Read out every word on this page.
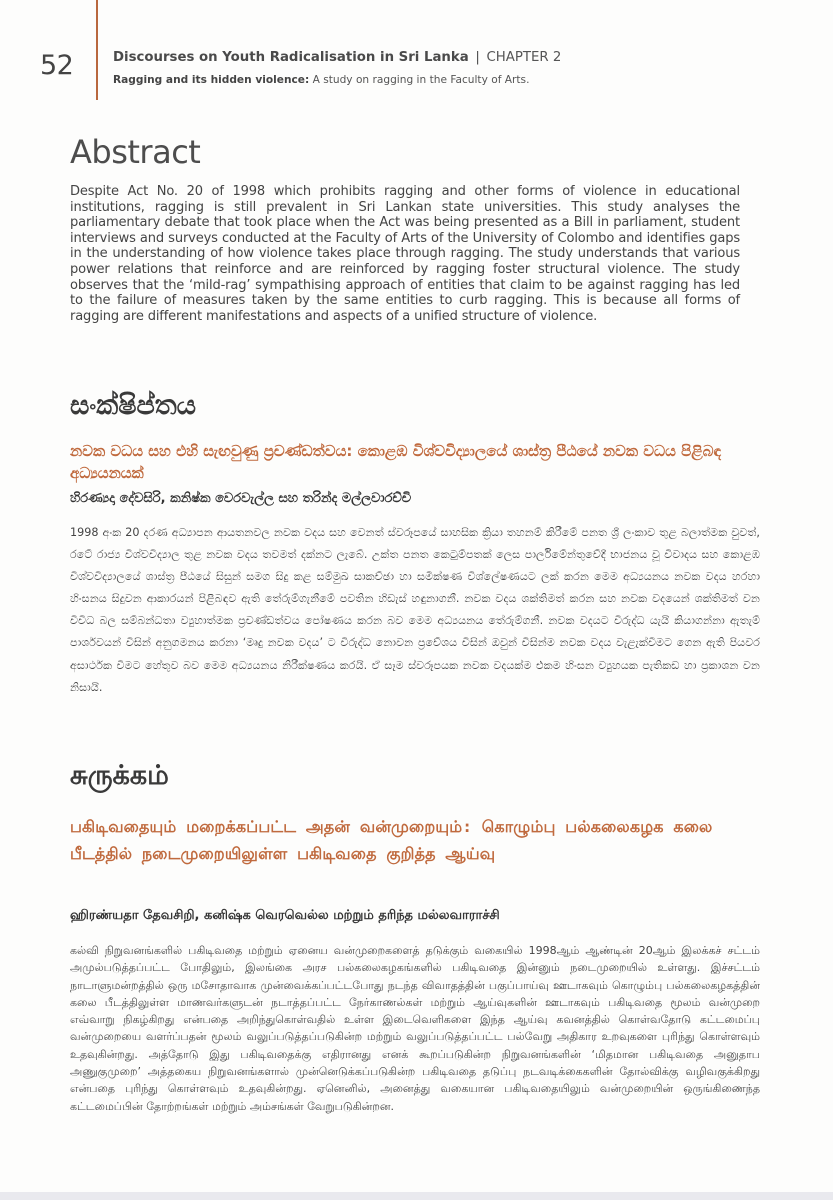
52	Discourses on Youth Radicalisation in Sri Lanka | CHAPTER 2
Ragging and its hidden violence: A study on ragging in the Faculty of Arts.
Abstract
Despite Act No. 20 of 1998 which prohibits ragging and other forms of violence in educational institutions, ragging is still prevalent in Sri Lankan state universities. This study analyses the parliamentary debate that took place when the Act was being presented as a Bill in parliament, student interviews and surveys conducted at the Faculty of Arts of the University of Colombo and identifies gaps in the understanding of how violence takes place through ragging. The study understands that various power relations that reinforce and are reinforced by ragging foster structural violence. The study observes that the ‘mild-rag’ sympathising approach of entities that claim to be against ragging has led to the failure of measures taken by the same entities to curb ragging. This is because all forms of ragging are different manifestations and aspects of a unified structure of violence.
සංක්ෂිප්තය
නවක වධය සහ එහි සැඟවුණු ප්‍රචණ්ඩත්වය: කොළඹ විශ්වවිද්‍යාලයේ ශාස්ත්‍ර පීඨයේ නවක වධය පිළිබඳ අධ්‍යයනයක්
හිරණ්‍යදා දේවසිරි, කනිෂ්ක වෙරවැල්ල සහ තරින්ද මල්ලවාරච්චි
1998 අංක 20 දරණ අධ්‍යාපන ආයතනවල නවක වදය සහ වෙනත් ස්වරූපයේ සාහසික ක්‍රියා තහනම් කිරීමේ පනත ශ්‍රී ලංකාව තුළ බලාත්මක වුවත්, රටේ රාජ්‍ය විශ්වවිද්‍යාල තුළ නවක වදය තවමත් දක්නට ලැබේ. උක්ත පනත කෙටුම්පතක් ලෙස පාර්ලිමේන්තුවේදී භාජනය වූ විවාදය සහ කොළඹ විශ්වවිද්‍යාලයේ ශාස්ත්‍ර පීඨයේ සිසුන් සමග සිදු කළ සම්මුඛ සාකච්ඡා හා සමීක්ෂණ විශ්ලේෂණයට ලක් කරන මෙම අධ්‍යයනය නවක වදය හරහා හිංසනය සිදුවන ආකාරයන් පිළිබඳව ඇති තේරුම්ගැනීමේ පවතින හිඩැස් හඳුනාගනී. නවක වදය ශක්තිමත් කරන සහ නවක වදයෙන් ශක්තිමත් වන විවිධ බල සම්බන්ධතා ව්‍යුහාත්මක ප්‍රචණ්ඩත්වය පෝෂණය කරන බව මෙම අධ්‍යයනය තේරුම්ගනී. නවක වදයට විරුද්ධ යැයි කියාගන්නා ඇතැම් පාර්ශවයන් විසින් අනුගමනය කරනා ‘මෘදු නවක වදය’ ට විරුද්ධ නොවන ප්‍රවේශය විසින් ඔවුන් විසින්ම නවක වදය වැළැක්වීමට ගෙන ඇති පියවර අසාර්ථක වීමට හේතුව බව මෙම අධ්‍යයනය නිරීක්ෂණය කරයි. ඒ සෑම ස්වරූපයක නවක වදයක්ම එකම හිංසන ව්‍යුහයක පැතිකඩ හා ප්‍රකාශන වන නිසායි.
சுருக்கம்
பகிடிவதையும் மறைக்கப்பட்ட அதன் வன்முறையும்: கொழும்பு பல்கலைகழக கலை பீடத்தில் நடைமுறையிலுள்ள பகிடிவதை குறித்த ஆய்வு
ஹிரண்யதா தேவசிறி, கனிஷ்க வெரவெல்ல மற்றும் தரிந்த மல்லவாராச்சி
கல்வி நிறுவனங்களில் பகிடிவதை மற்றும் ஏனைய வன்முறைகளைத் தடுக்கும் வகையில் 1998ஆம் ஆண்டின் 20ஆம் இலக்கச் சட்டம் அமுல்படுத்தப்பட்ட போதிலும், இலங்கை அரச பல்கலைகழகங்களில் பகிடிவதை இன்னும் நடைமுறையில் உள்ளது. இச்சட்டம் நாடாளுமன்றத்தில் ஒரு மசோதாவாக முன்வைக்கப்பட்டபோது நடந்த விவாதத்தின் பகுப்பாய்வு ஊடாகவும் கொழும்பு பல்கலைகழகத்தின் கலை பீடத்திலுள்ள மாணவர்களுடன் நடாத்தப்பட்ட நேர்காணல்கள் மற்றும் ஆய்வுகளின் ஊடாகவும் பகிடிவதை மூலம் வன்முறை எவ்வாறு நிகழ்கிறது என்பதை அறிந்துகொள்வதில் உள்ள இடைவெளிகளை இந்த ஆய்வு கவனத்தில் கொள்வதோடு கட்டமைப்பு வன்முறையை வளர்ப்பதன் மூலம் வலுப்படுத்தப்படுகின்ற மற்றும் வலுப்படுத்தப்பட்ட பல்வேறு அதிகார உறவுகளை புரிந்து கொள்ளவும் உதவுகின்றது. அத்தோடு இது பகிடிவதைக்கு எதிரானது எனக் கூறப்படுகின்ற நிறுவனங்களின் ‘மிதமான பகிடிவதை அனுதாப அணுகுமுறை’ அத்தகைய நிறுவனங்களால் முன்னெடுக்கப்படுகின்ற பகிடிவதை தடுப்பு நடவடிக்கைகளின் தோல்விக்கு வழிவகுக்கிறது என்பதை புரிந்து கொள்ளவும் உதவுகின்றது. ஏனெனில், அனைத்து வகையான பகிடிவதையிலும் வன்முறையின் ஒருங்கிணைந்த கட்டமைப்பின் தோற்றங்கள் மற்றும் அம்சங்கள் வேறுபடுகின்றன.
